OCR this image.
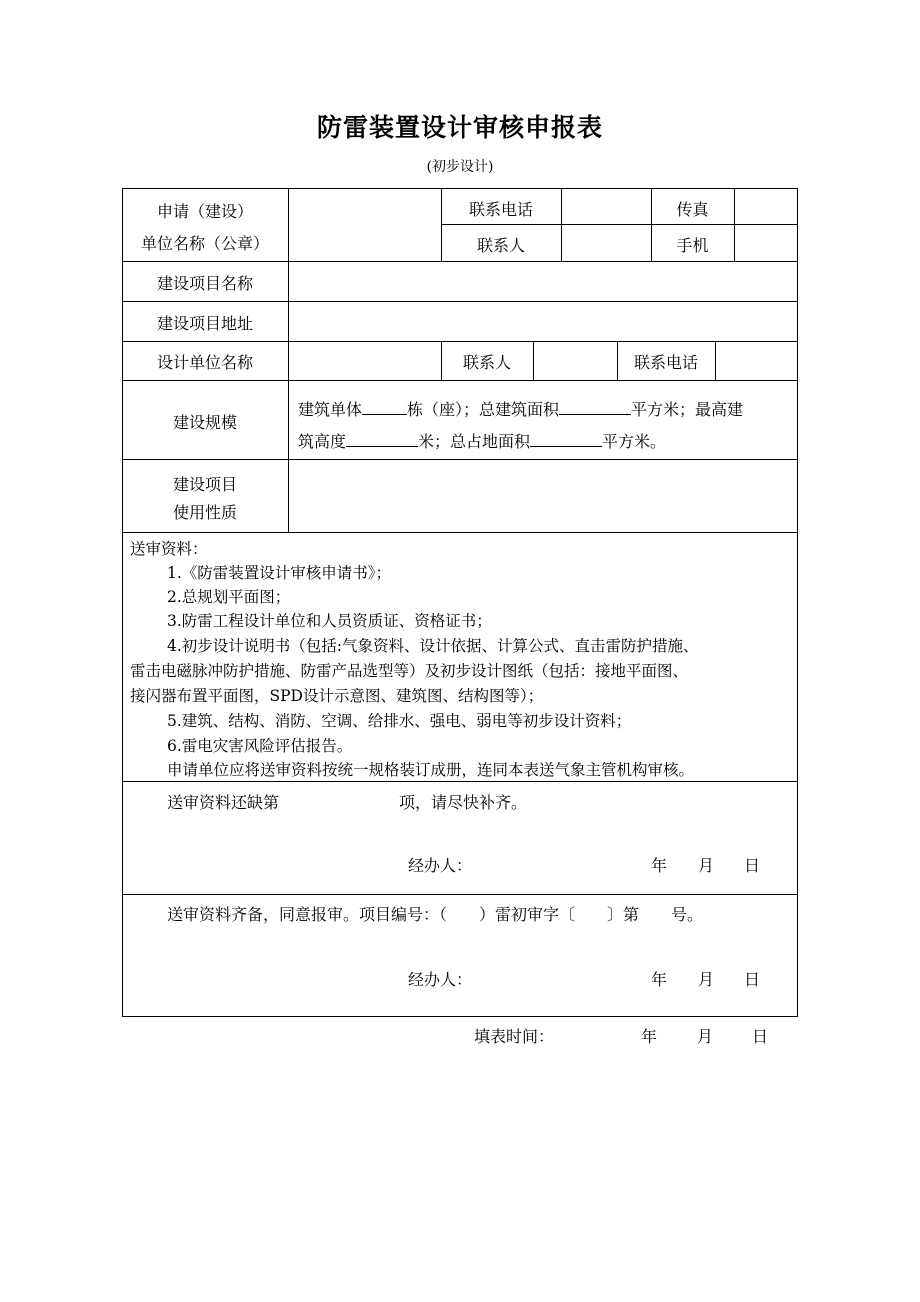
防雷装置设计审核申报表
(初步设计)
申请（建设）
单位名称（公章）
联系电话	传真
联系人	手机
建设项目名称
建设项目地址
设计单位名称	联系人	联系电话
建设规模
建筑单体	栋（座）；总建筑面积	平方米；最高建
筑高度	米；总占地面积	平方米。
建设项目
使用性质
送审资料：
1.《防雷装置设计审核申请书》；
2.总规划平面图；
3.防雷工程设计单位和人员资质证、资格证书；
4.初步设计说明书（包括:气象资料、设计依据、计算公式、直击雷防护措施、
雷击电磁脉冲防护措施、防雷产品选型等）及初步设计图纸（包括：接地平面图、
接闪器布置平面图，SPD设计示意图、建筑图、结构图等）；
5.建筑、结构、消防、空调、给排水、强电、弱电等初步设计资料；
6.雷电灾害风险评估报告。
申请单位应将送审资料按统一规格装订成册，连同本表送气象主管机构审核。
送审资料还缺第	项，请尽快补齐。
经办人：	年 月 日
送审资料齐备，同意报审。项目编号：（　　）雷初审字〔　　〕第　　号。
经办人：	年 月 日
填表时间：	年 月 日
